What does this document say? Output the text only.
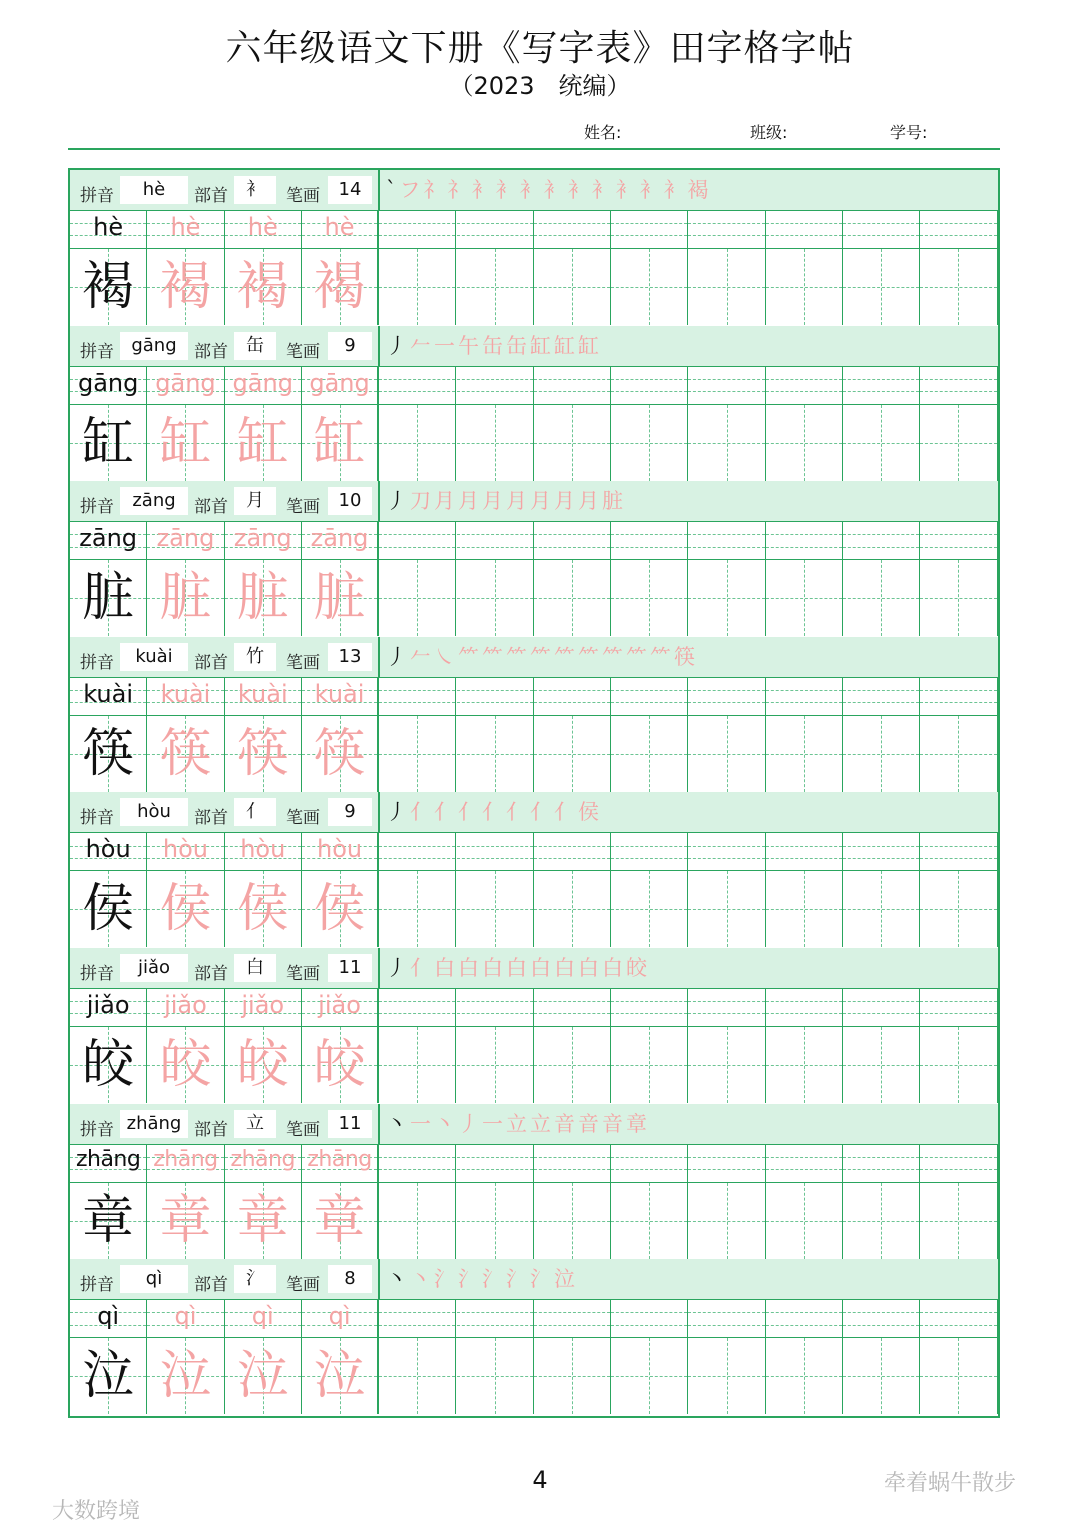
六年级语文下册《写字表》田字格字帖
（2023　统编）
姓名:	班级:	学号:
拼音	hè	部首	衤	笔画	14	`フ礻礻衤衤衤衤衤衤衤衤衤褐
hè	hè	hè	hè
褐 褐 褐 褐
拼音 gāng	部首	缶	笔画	9	丿𠂉一午缶缶缸缸缸
gāng gāng gāng gāng
缸 缸 缸 缸
拼音	zāng	部首	月	笔画	10	丿刀月月月月月月月脏
zāng zāng zāng zāng
脏 脏 脏 脏
拼音	kuài	部首	竹	笔画	13	丿𠂉㇏⺮⺮⺮⺮⺮⺮⺮⺮⺮筷
kuài	kuài	kuài	kuài
筷 筷 筷 筷
拼音	hòu	部首	亻	笔画	9	丿亻亻亻亻亻亻亻侯
hòu	hòu	hòu	hòu
侯 侯 侯 侯
拼音	jiǎo	部首	白	笔画	11	丿亻白白白白白白白白皎
jiǎo	jiǎo	jiǎo	jiǎo
皎 皎 皎 皎
拼音 zhāng 部首	立	笔画	11	丶一丶丿一立立音音音章
zhāng zhāng zhāng zhāng
章 章 章 章
拼音	qì	部首	氵	笔画	8	丶丶氵氵氵氵氵泣
qì	qì	qì	qì
泣 泣 泣 泣
4
大数跨境
牵着蜗牛散步
